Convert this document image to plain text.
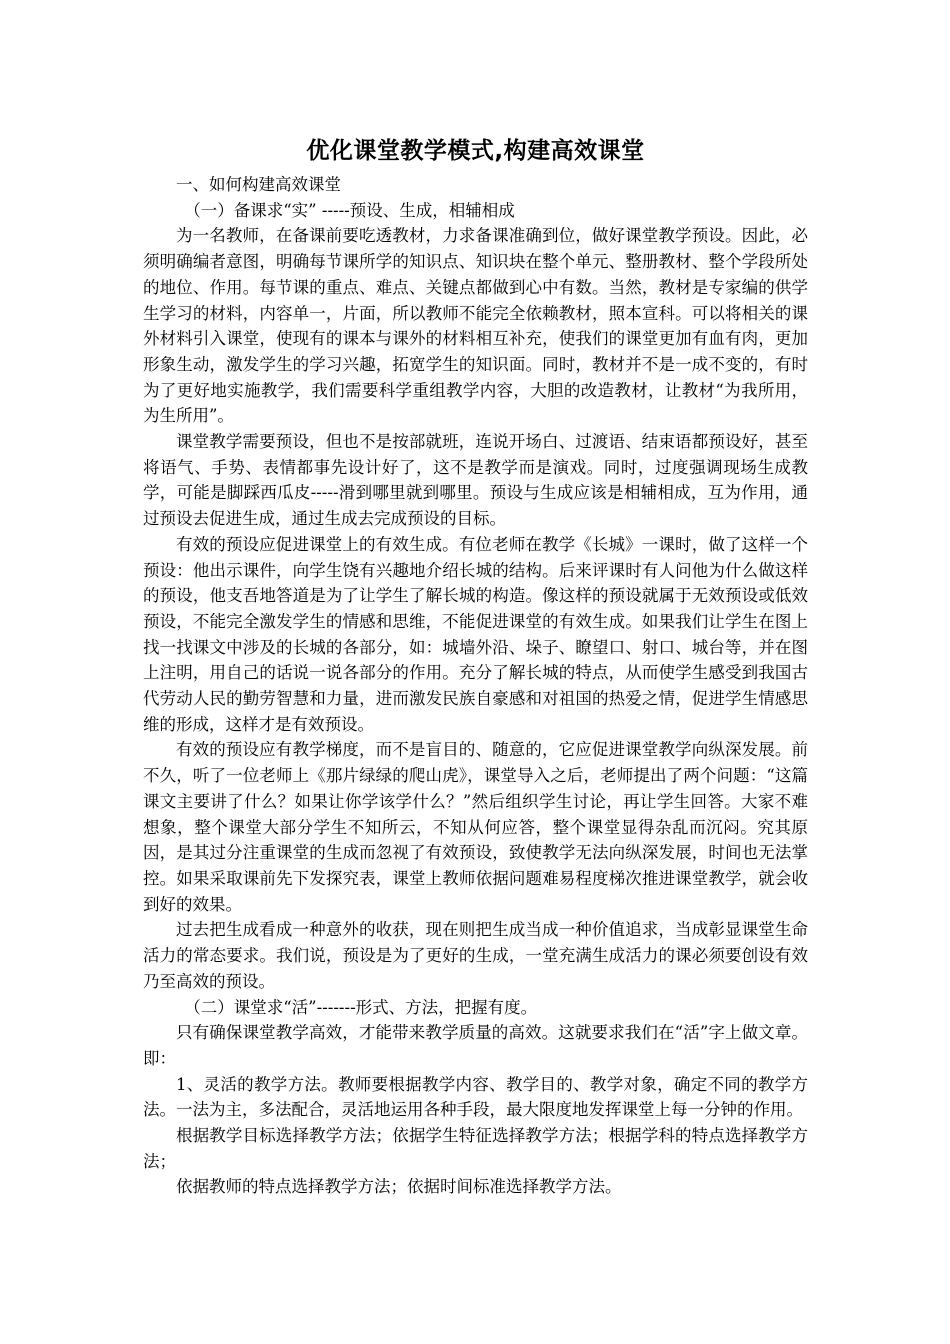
优化课堂教学模式,构建高效课堂

一、如何构建高效课堂

（一）备课求“实” -----预设、生成，相辅相成

为一名教师，在备课前要吃透教材，力求备课准确到位，做好课堂教学预设。因此，必须明确编者意图，明确每节课所学的知识点、知识块在整个单元、整册教材、整个学段所处的地位、作用。每节课的重点、难点、关键点都做到心中有数。当然，教材是专家编的供学生学习的材料，内容单一，片面，所以教师不能完全依赖教材，照本宣科。可以将相关的课外材料引入课堂，使现有的课本与课外的材料相互补充，使我们的课堂更加有血有肉，更加形象生动，激发学生的学习兴趣，拓宽学生的知识面。同时，教材并不是一成不变的，有时为了更好地实施教学，我们需要科学重组教学内容，大胆的改造教材，让教材“为我所用，为生所用”。

课堂教学需要预设，但也不是按部就班，连说开场白、过渡语、结束语都预设好，甚至将语气、手势、表情都事先设计好了，这不是教学而是演戏。同时，过度强调现场生成教学，可能是脚踩西瓜皮-----滑到哪里就到哪里。预设与生成应该是相辅相成，互为作用，通过预设去促进生成，通过生成去完成预设的目标。

有效的预设应促进课堂上的有效生成。有位老师在教学《长城》一课时，做了这样一个预设：他出示课件，向学生饶有兴趣地介绍长城的结构。后来评课时有人问他为什么做这样的预设，他支吾地答道是为了让学生了解长城的构造。像这样的预设就属于无效预设或低效预设，不能完全激发学生的情感和思维，不能促进课堂的有效生成。如果我们让学生在图上找一找课文中涉及的长城的各部分，如：城墙外沿、垛子、瞭望口、射口、城台等，并在图上注明，用自己的话说一说各部分的作用。充分了解长城的特点，从而使学生感受到我国古代劳动人民的勤劳智慧和力量，进而激发民族自豪感和对祖国的热爱之情，促进学生情感思维的形成，这样才是有效预设。

有效的预设应有教学梯度，而不是盲目的、随意的，它应促进课堂教学向纵深发展。前不久，听了一位老师上《那片绿绿的爬山虎》，课堂导入之后，老师提出了两个问题：“这篇课文主要讲了什么？如果让你学该学什么？”然后组织学生讨论，再让学生回答。大家不难想象，整个课堂大部分学生不知所云，不知从何应答，整个课堂显得杂乱而沉闷。究其原因，是其过分注重课堂的生成而忽视了有效预设，致使教学无法向纵深发展，时间也无法掌控。如果采取课前先下发探究表，课堂上教师依据问题难易程度梯次推进课堂教学，就会收到好的效果。

过去把生成看成一种意外的收获，现在则把生成当成一种价值追求，当成彰显课堂生命活力的常态要求。我们说，预设是为了更好的生成，一堂充满生成活力的课必须要创设有效乃至高效的预设。

（二）课堂求“活”-------形式、方法，把握有度。

只有确保课堂教学高效，才能带来教学质量的高效。这就要求我们在“活”字上做文章。即：

1、灵活的教学方法。教师要根据教学内容、教学目的、教学对象，确定不同的教学方法。一法为主，多法配合，灵活地运用各种手段，最大限度地发挥课堂上每一分钟的作用。

根据教学目标选择教学方法；依据学生特征选择教学方法；根据学科的特点选择教学方法；

依据教师的特点选择教学方法；依据时间标准选择教学方法。
